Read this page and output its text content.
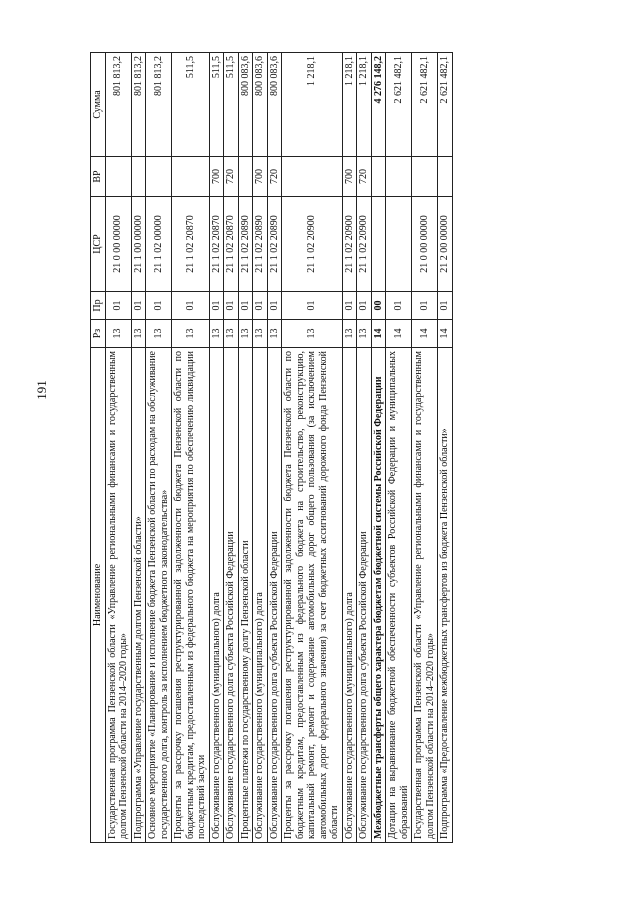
191
Наименование	Рз	Пр	ЦСР	ВР	Сумма
Государственная программа Пензенской области «Управление региональными финансами и государственным долгом Пензенской области на 2014–2020 годы»	13	01	21 0 00 00000		801 813,2
Подпрограмма «Управление государственным долгом Пензенской области»	13	01	21 1 00 00000		801 813,2
Основное мероприятие «Планирование и исполнение бюджета Пензенской области по расходам на обслуживание государственного долга, контроль за исполнением бюджетного законодательства»	13	01	21 1 02 00000		801 813,2
Проценты за рассрочку погашения реструктурированной задолженности бюджета Пензенской области по бюджетным кредитам, предоставленным из федерального бюджета на мероприятия по обеспечению ликвидации последствий засухи	13	01	21 1 02 20870		511,5
Обслуживание государственного (муниципального) долга	13	01	21 1 02 20870	700	511,5
Обслуживание государственного долга субъекта Российской Федерации	13	01	21 1 02 20870	720	511,5
Процентные платежи по государственному долгу Пензенской области	13	01	21 1 02 20890		800 083,6
Обслуживание государственного (муниципального) долга	13	01	21 1 02 20890	700	800 083,6
Обслуживание государственного долга субъекта Российской Федерации	13	01	21 1 02 20890	720	800 083,6
Проценты за рассрочку погашения реструктурированной задолженности бюджета Пензенской области по бюджетным кредитам, предоставленным из федерального бюджета на строительство, реконструкцию, капитальный ремонт, ремонт и содержание автомобильных дорог общего пользования (за исключением автомобильных дорог федерального значения) за счет бюджетных ассигнований дорожного фонда Пензенской области	13	01	21 1 02 20900		1 218,1
Обслуживание государственного (муниципального) долга	13	01	21 1 02 20900	700	1 218,1
Обслуживание государственного долга субъекта Российской Федерации	13	01	21 1 02 20900	720	1 218,1
Межбюджетные трансферты общего характера бюджетам бюджетной системы Российской Федерации	14	00			4 276 148,2
Дотации на выравнивание бюджетной обеспеченности субъектов Российской Федерации и муниципальных образований	14	01			2 621 482,1
Государственная программа Пензенской области «Управление региональными финансами и государственным долгом Пензенской области на 2014–2020 годы»	14	01	21 0 00 00000		2 621 482,1
Подпрограмма «Предоставление межбюджетных трансфертов из бюджета Пензенской области»	14	01	21 2 00 00000		2 621 482,1
